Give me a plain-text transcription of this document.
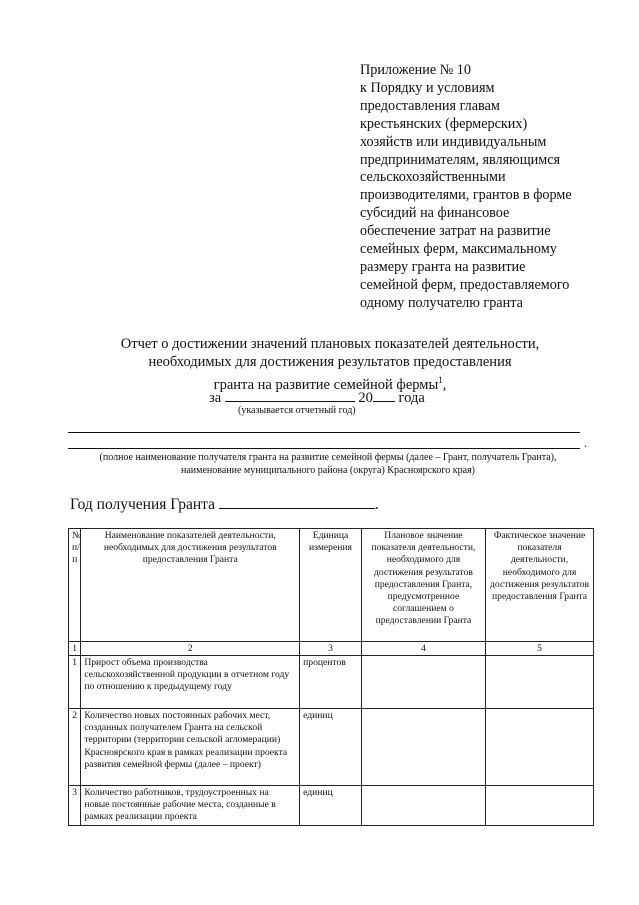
Приложение № 10
к Порядку и условиям
предоставления главам
крестьянских (фермерских)
хозяйств или индивидуальным
предпринимателям, являющимся
сельскохозяйственными
производителями, грантов в форме
субсидий на финансовое
обеспечение затрат на развитие
семейных ферм, максимальному
размеру гранта на развитие
семейной ферм, предоставляемого
одному получателю гранта
Отчет о достижении значений плановых показателей деятельности,
необходимых для достижения результатов предоставления
гранта на развитие семейной фермы$^1$,
за	20 года
(указывается отчетный год)
.
(полное наименование получателя гранта на развитие семейной фермы (далее – Грант, получатель Гранта),
наименование муниципального района (округа) Красноярского края)
Год получения Гранта	.
№ п/п	Наименование показателей деятельности, необходимых для достижения результатов предоставления Гранта	Единица измерения	Плановое значение показателя деятельности, необходимого для достижения результатов предоставления Гранта, предусмотренное соглашением о предоставлении Гранта	Фактическое значение показателя деятельности, необходимого для достижения результатов предоставления Гранта
1	2	3	4	5
1	Прирост объема производства сельскохозяйственной продукции в отчетном году по отношению к предыдущему году	процентов		
2	Количество новых постоянных рабочих мест, созданных получателем Гранта на сельской территории (территории сельской агломерации) Красноярского края в рамках реализации проекта развития семейной фермы (далее – проект)	единиц		
3	Количество работников, трудоустроенных на новые постоянные рабочие места, созданные в рамках реализации проекта	единиц		
